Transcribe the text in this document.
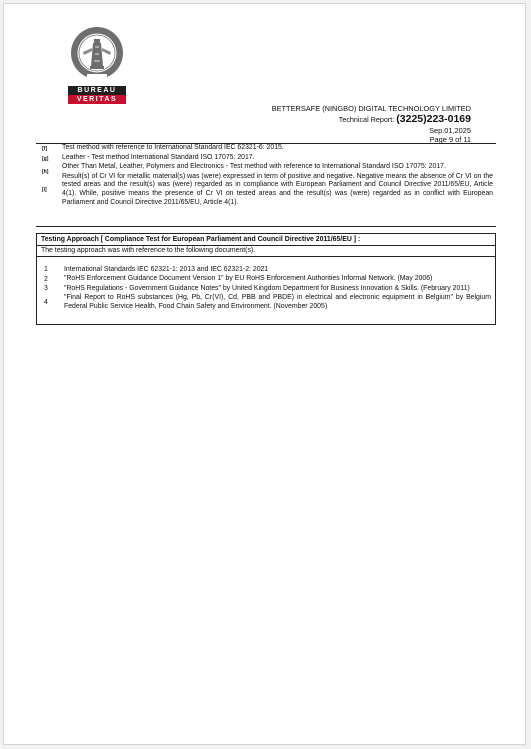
BUREAU
VERITAS
BETTERSAFE (NINGBO) DIGITAL TECHNOLOGY LIMITED
Technical Report: (3225)223-0169
Sep.01,2025
Page 9 of 11
[f] Test method with reference to International Standard IEC 62321-6: 2015.
[g] Leather - Test method International Standard ISO 17075: 2017.
[h]
Other Than Metal, Leather, Polymers and Electronics - Test method with reference to International Standard ISO 17075: 2017.
[i]
Result(s) of Cr VI for metallic material(s) was (were) expressed in term of positive and negative. Negative means the absence of Cr VI on the tested areas and the result(s) was (were) regarded as in compliance with European Parliament and Council Directive 2011/65/EU, Article 4(1). While, positive means the presence of Cr VI on tested areas and the result(s) was (were) regarded as in conflict with European Parliament and Council Directive 2011/65/EU, Article 4(1).
Testing Approach [ Compliance Test for European Parliament and Council Directive 2011/65/EU ] :
The testing approach was with reference to the following document(s).
1 International Standards IEC 62321-1: 2013 and IEC 62321-2: 2021
2 "RoHS Enforcement Guidance Document Version 1" by EU RoHS Enforcement Authorities Informal Network. (May 2006)
3 "RoHS Regulations - Government Guidance Notes" by United Kingdom Department for Business Innovation & Skills. (February 2011)
4
"Final Report to RoHS substances (Hg, Pb, Cr(VI), Cd, PBB and PBDE) in electrical and electronic equipment in Belgium" by Belgium Federal Public Service Health, Food Chain Safety and Environment. (November 2005)
